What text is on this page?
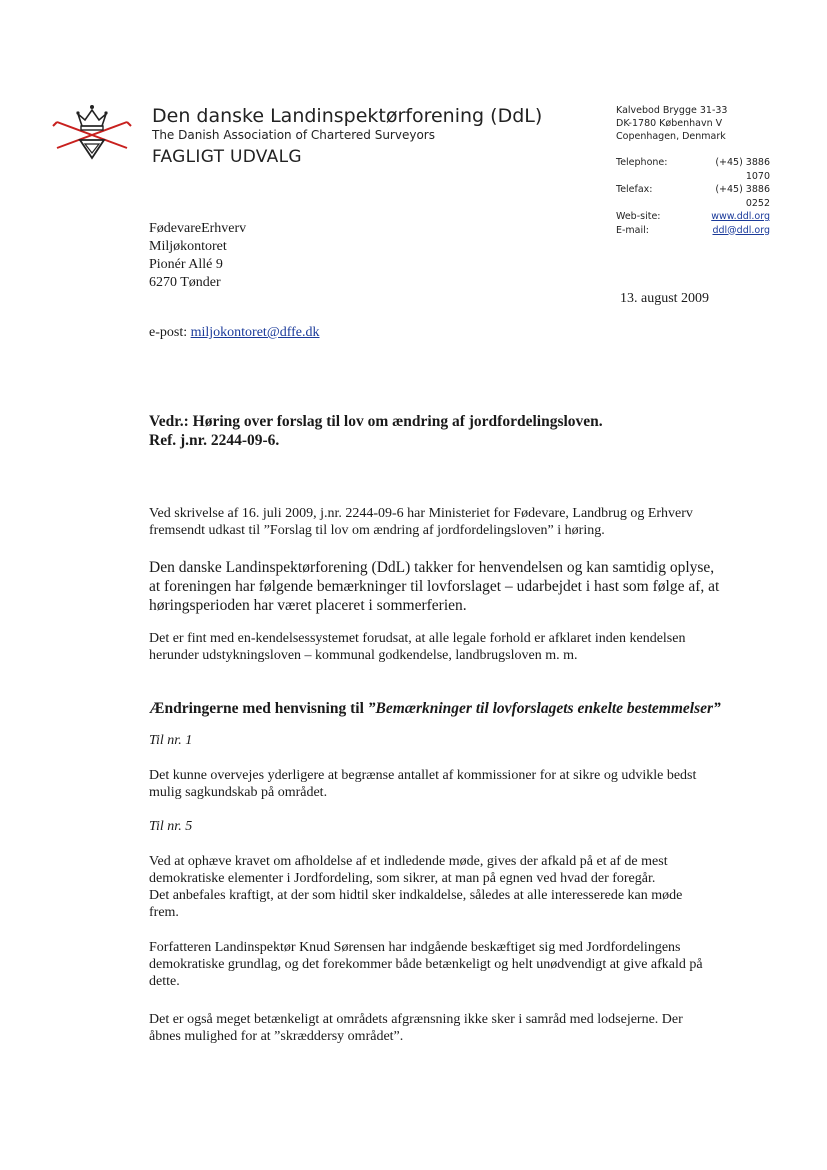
Den danske Landinspektørforening (DdL)
The Danish Association of Chartered Surveyors
FAGLIGT UDVALG
Kalvebod Brygge 31-33
DK-1780 København V
Copenhagen, Denmark
Telephone:	(+45) 3886 1070
Telefax:	(+45) 3886 0252
Web-site:	www.ddl.org
E-mail:	ddl@ddl.org
FødevareErhverv
Miljøkontoret
Pionér Allé 9
6270 Tønder
13. august 2009
e-post: miljokontoret@dffe.dk
Vedr.: Høring over forslag til lov om ændring af jordfordelingsloven.
Ref. j.nr. 2244-09-6.
Ved skrivelse af 16. juli 2009, j.nr. 2244-09-6 har Ministeriet for Fødevare, Landbrug og Erhverv
fremsendt udkast til ”Forslag til lov om ændring af jordfordelingsloven” i høring.
Den danske Landinspektørforening (DdL) takker for henvendelsen og kan samtidig oplyse,
at foreningen har følgende bemærkninger til lovforslaget – udarbejdet i hast som følge af, at
høringsperioden har været placeret i sommerferien.
Det er fint med en-kendelsessystemet forudsat, at alle legale forhold er afklaret inden kendelsen
herunder udstykningsloven – kommunal godkendelse, landbrugsloven m. m.
Ændringerne med henvisning til ”Bemærkninger til lovforslagets enkelte bestemmelser”
Til nr. 1
Det kunne overvejes yderligere at begrænse antallet af kommissioner for at sikre og udvikle bedst
mulig sagkundskab på området.
Til nr. 5
Ved at ophæve kravet om afholdelse af et indledende møde, gives der afkald på et af de mest
demokratiske elementer i Jordfordeling, som sikrer, at man på egnen ved hvad der foregår.
Det anbefales kraftigt, at der som hidtil sker indkaldelse, således at alle interesserede kan møde
frem.
Forfatteren Landinspektør Knud Sørensen har indgående beskæftiget sig med Jordfordelingens
demokratiske grundlag, og det forekommer både betænkeligt og helt unødvendigt at give afkald på
dette.
Det er også meget betænkeligt at områdets afgrænsning ikke sker i samråd med lodsejerne. Der
åbnes mulighed for at ”skræddersy området”.
